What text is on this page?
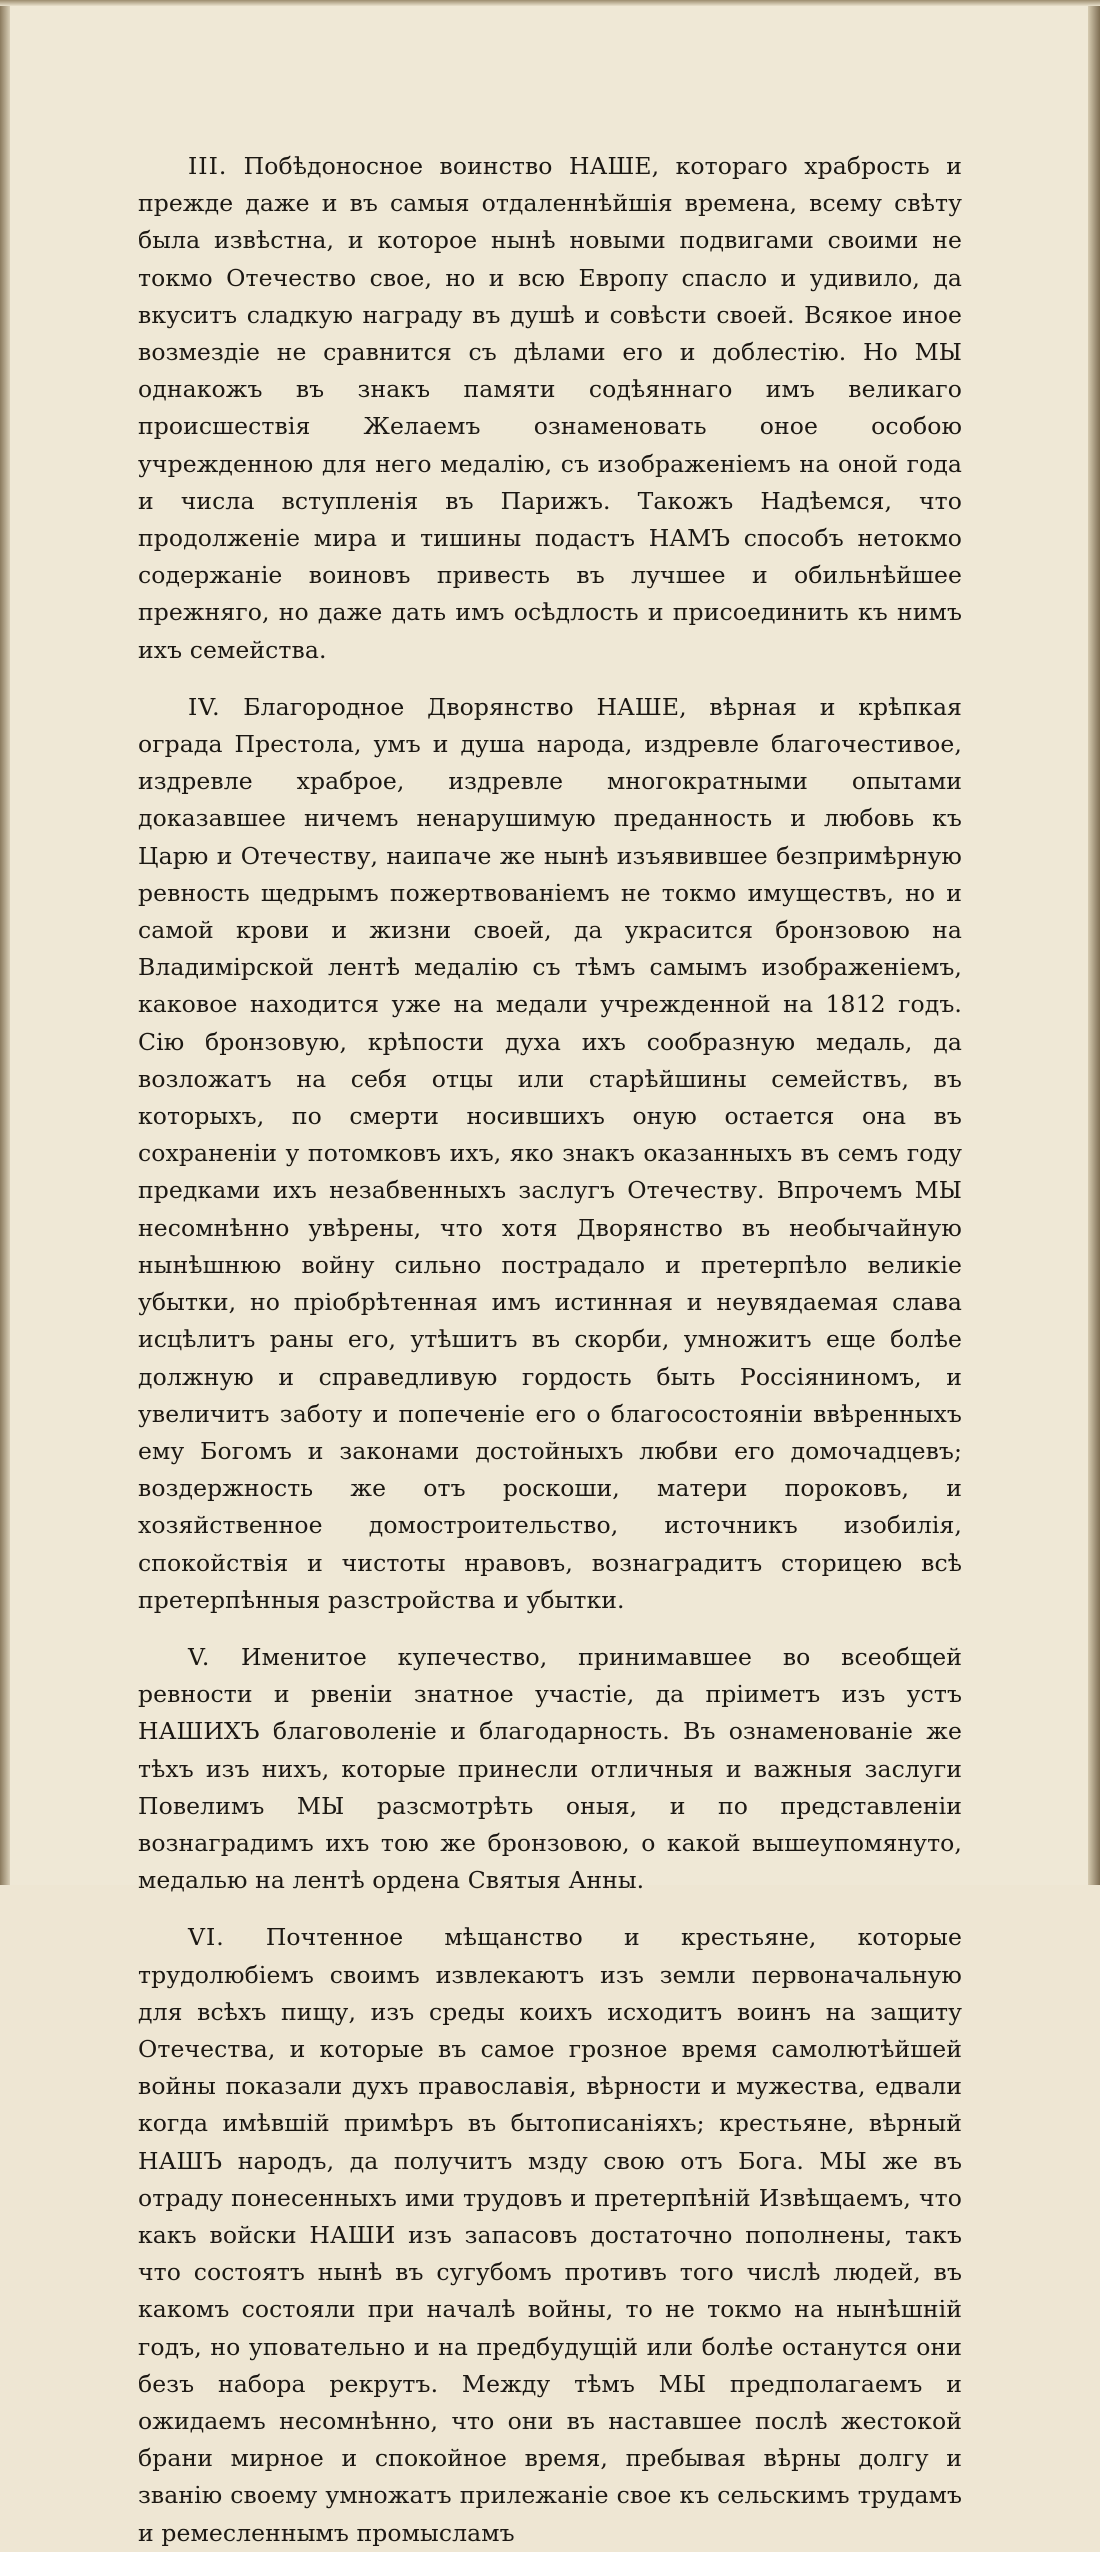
III. Побѣдоносное воинство НАШЕ, котораго храбрость и прежде даже и въ самыя отдаленнѣйшія времена, всему свѣту была извѣстна, и которое нынѣ новыми подвигами своими не токмо Отечество свое, но и всю Европу спасло и удивило, да вкуситъ сладкую награду въ душѣ и совѣсти своей. Всякое иное возмездіе не сравнится съ дѣлами его и доблестію. Но МЫ однакожъ въ знакъ памяти содѣяннаго имъ великаго происшествія Желаемъ ознаменовать оное особою учрежденною для него медалію, съ изображеніемъ на оной года и числа вступленія въ Парижъ. Такожъ Надѣемся, что продолженіе мира и тишины подастъ НАМЪ способъ нетокмо содержаніе воиновъ привесть въ лучшее и обильнѣйшее прежняго, но даже дать имъ осѣдлость и присоединить къ нимъ ихъ семейства.

IV. Благородное Дворянство НАШЕ, вѣрная и крѣпкая ограда Престола, умъ и душа народа, издревле благочестивое, издревле храброе, издревле многократными опытами доказавшее ничемъ ненарушимую преданность и любовь къ Царю и Отечеству, наипаче же нынѣ изъявившее безпримѣрную ревность щедрымъ пожертвованіемъ не токмо имуществъ, но и самой крови и жизни своей, да украсится бронзовою на Владимірской лентѣ медалію съ тѣмъ самымъ изображеніемъ, каковое находится уже на медали учрежденной на 1812 годъ. Сію бронзовую, крѣпости духа ихъ сообразную медаль, да возложатъ на себя отцы или старѣйшины семействъ, въ которыхъ, по смерти носившихъ оную остается она въ сохраненіи у потомковъ ихъ, яко знакъ оказанныхъ въ семъ году предками ихъ незабвенныхъ заслугъ Отечеству. Впрочемъ МЫ несомнѣнно увѣрены, что хотя Дворянство въ необычайную нынѣшнюю войну сильно пострадало и претерпѣло великіе убытки, но пріобрѣтенная имъ истинная и неувядаемая слава исцѣлитъ раны его, утѣшитъ въ скорби, умножитъ еще болѣе должную и справедливую гордость быть Россіяниномъ, и увеличитъ заботу и попеченіе его о благосостояніи ввѣренныхъ ему Богомъ и законами достойныхъ любви его домочадцевъ; воздержность же отъ роскоши, матери пороковъ, и хозяйственное домостроительство, источникъ изобилія, спокойствія и чистоты нравовъ, вознаградитъ сторицею всѣ претерпѣнныя разстройства и убытки.

V. Именитое купечество, принимавшее во всеобщей ревности и рвеніи знатное участіе, да пріиметъ изъ устъ НАШИХЪ благоволеніе и благодарность. Въ ознаменованіе же тѣхъ изъ нихъ, которые принесли отличныя и важныя заслуги Повелимъ МЫ разсмотрѣть оныя, и по представленіи вознаградимъ ихъ тою же бронзовою, о какой вышеупомянуто, медалью на лентѣ ордена Святыя Анны.

VI. Почтенное мѣщанство и крестьяне, которые трудолюбіемъ своимъ извлекаютъ изъ земли первоначальную для всѣхъ пищу, изъ среды коихъ исходитъ воинъ на защиту Отечества, и которые въ самое грозное время самолютѣйшей войны показали духъ православія, вѣрности и мужества, едвали когда имѣвшій примѣръ въ бытописаніяхъ; крестьяне, вѣрный НАШЪ народъ, да получитъ мзду свою отъ Бога. МЫ же въ отраду понесенныхъ ими трудовъ и претерпѣній Извѣщаемъ, что какъ войски НАШИ изъ запасовъ достаточно пополнены, такъ что состоятъ нынѣ въ сугубомъ противъ того числѣ людей, въ какомъ состояли при началѣ войны, то не токмо на нынѣшній годъ, но уповательно и на предбудущій или болѣе останутся они безъ набора рекрутъ. Между тѣмъ МЫ предполагаемъ и ожидаемъ несомнѣнно, что они въ наставшее послѣ жестокой брани мирное и спокойное время, пребывая вѣрны долгу и званію своему умножатъ прилежаніе свое къ сельскимъ трудамъ и ремесленнымъ промысламъ
